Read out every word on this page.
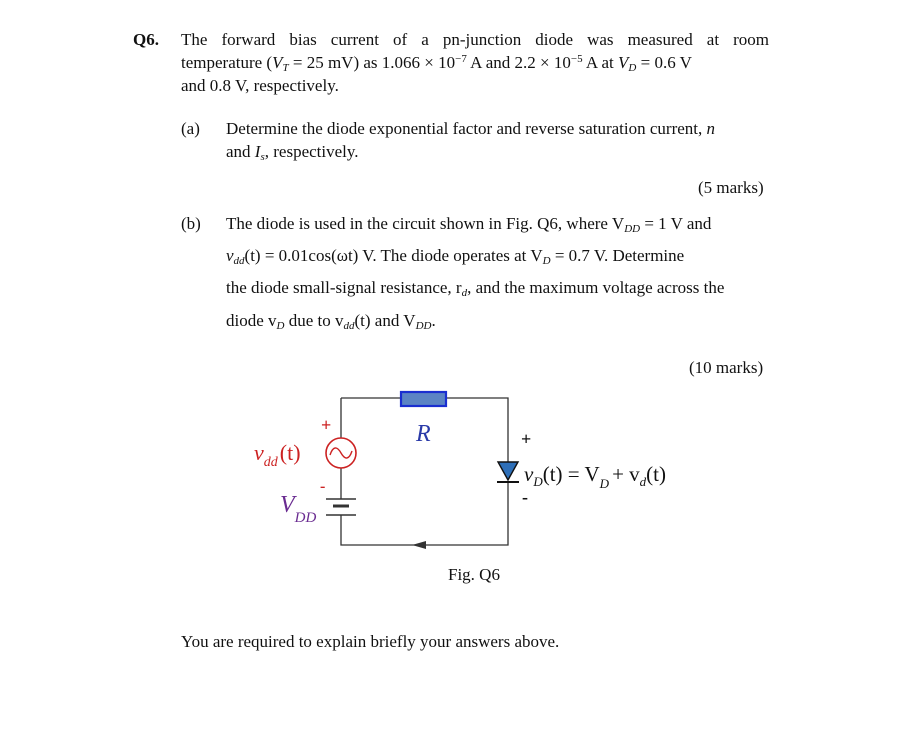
Q6. The forward bias current of a pn-junction diode was measured at room
temperature ($V_T = 25$ mV) as $1.066 \times 10^{-7}$ A and $2.2 \times 10^{-5}$ A at $V_D = 0.6$ V
and 0.8 V, respectively.
(a) Determine the diode exponential factor and reverse saturation current, n
and $I_s$, respectively.
(5 marks)
(b) The diode is used in the circuit shown in Fig. Q6, where $V_{DD} = 1$ V and
$v_{dd}(t) = 0.01\cos(\omega t)$ V. The diode operates at $V_D = 0.7$ V. Determine
the diode small-signal resistance, $r_d$, and the maximum voltage across the
diode $v_D$ due to $v_{dd}(t)$ and $V_{DD}$.
(10 marks)
R
+
-
$v_{dd}(t)$
$V_{DD}$
+
-
$v_D(t) = V_D + v_d(t)$
Fig. Q6
You are required to explain briefly your answers above.
